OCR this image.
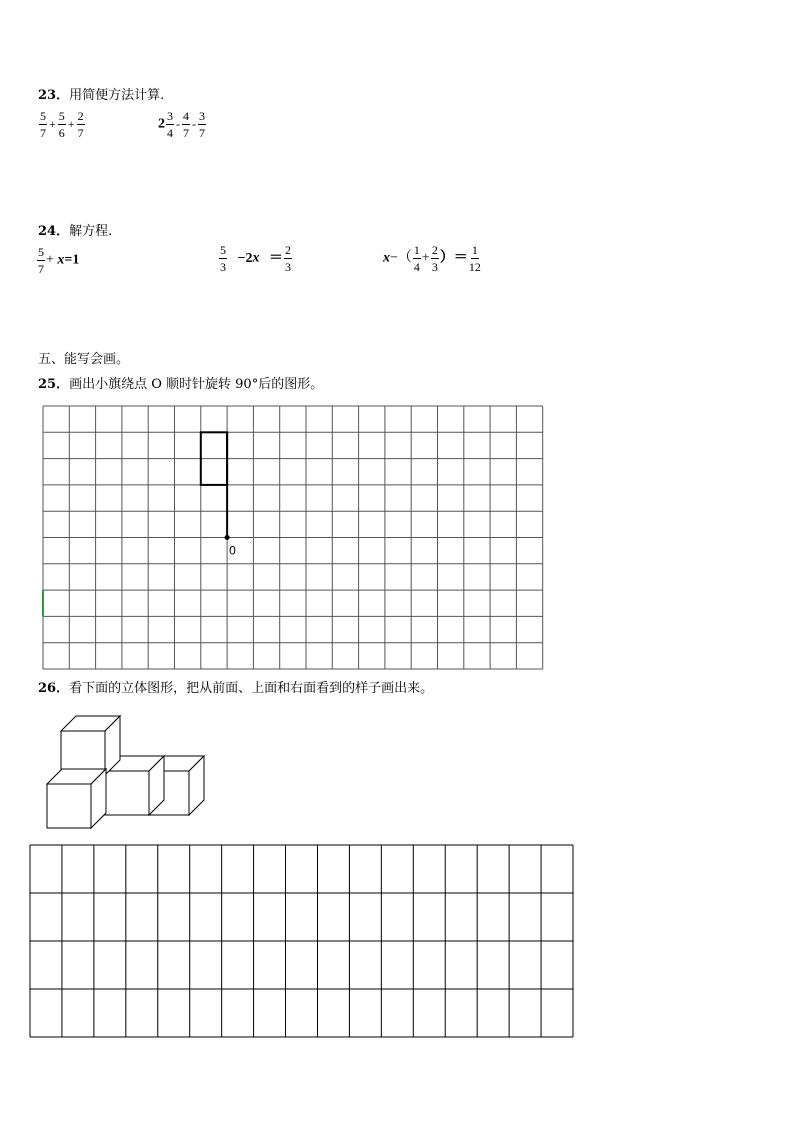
23．用简便方法计算.
$\frac{5}{7} + \frac{5}{6} + \frac{2}{7}$	$2 \frac{3}{4} - \frac{4}{7} - \frac{3}{7}$
24．解方程.
$\frac{5}{7} + x=1$	$\frac{5}{3} -2x = \frac{2}{3}$	$x-( \frac{1}{4} + \frac{2}{3}$ ）＝ $\frac{1}{12}$
五、能写会画。
25．画出小旗绕点 O 顺时针旋转 90°后的图形。
0
26．看下面的立体图形，把从前面、上面和右面看到的样子画出来。
